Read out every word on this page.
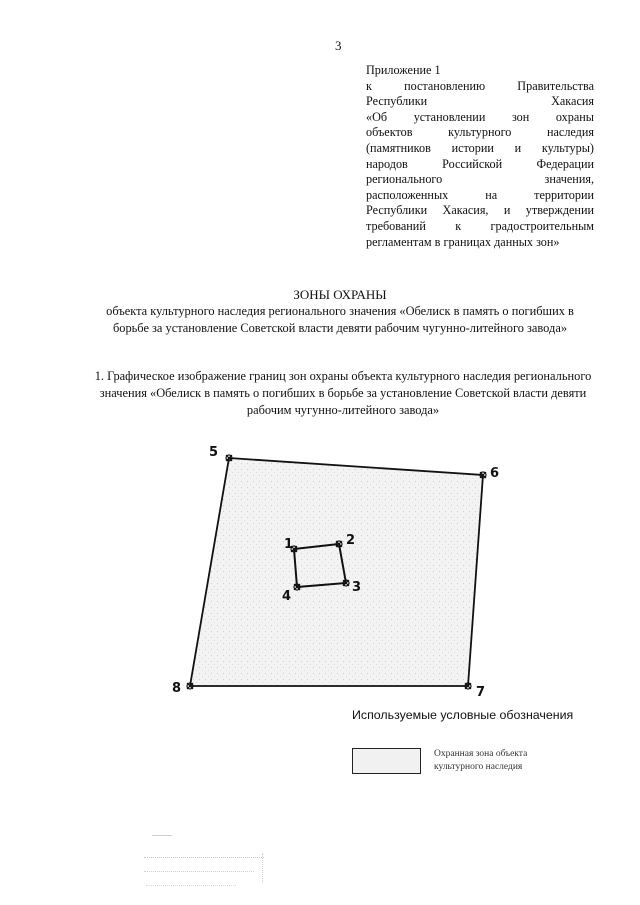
3
Приложение 1
к постановлению Правительства
Республики Хакасия
«Об установлении зон охраны
объектов культурного наследия
(памятников истории и культуры)
народов Российской Федерации
регионального значения,
расположенных на территории
Республики Хакасия, и утверждении
требований к градостроительным
регламентам в границах данных зон»
ЗОНЫ ОХРАНЫ
объекта культурного наследия регионального значения «Обелиск в память о погибших в борьбе за установление Советской власти девяти рабочим чугунно-литейного завода»
1. Графическое изображение границ зон охраны объекта культурного наследия регионального значения «Обелиск в память о погибших в борьбе за установление Советской власти девяти рабочим чугунно-литейного завода»
5
6
7
8
1	2
3
4
Используемые условные обозначения
Охранная зона объекта культурного наследия
